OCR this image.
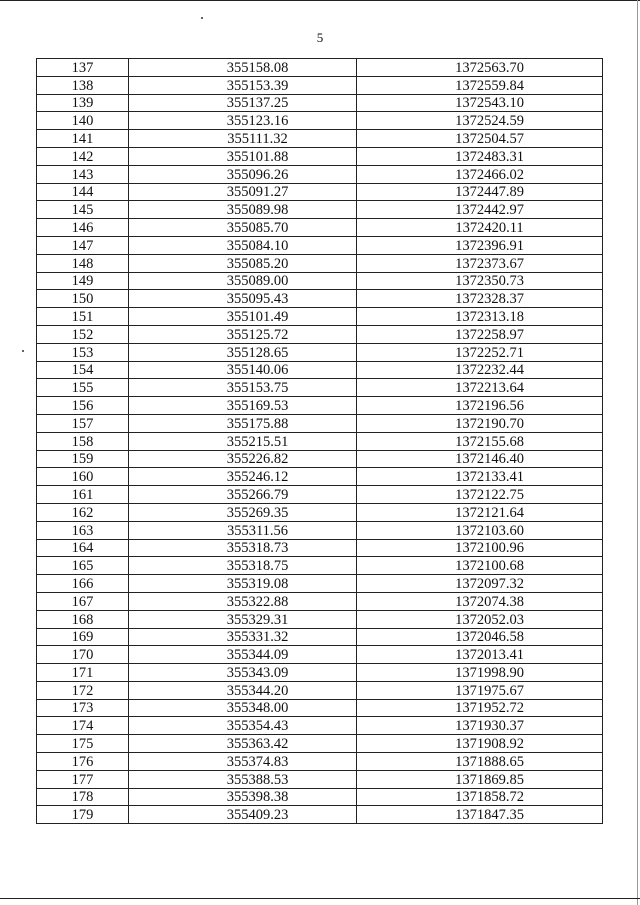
5
137	355158.08	1372563.70
138	355153.39	1372559.84
139	355137.25	1372543.10
140	355123.16	1372524.59
141	355111.32	1372504.57
142	355101.88	1372483.31
143	355096.26	1372466.02
144	355091.27	1372447.89
145	355089.98	1372442.97
146	355085.70	1372420.11
147	355084.10	1372396.91
148	355085.20	1372373.67
149	355089.00	1372350.73
150	355095.43	1372328.37
151	355101.49	1372313.18
152	355125.72	1372258.97
153	355128.65	1372252.71
154	355140.06	1372232.44
155	355153.75	1372213.64
156	355169.53	1372196.56
157	355175.88	1372190.70
158	355215.51	1372155.68
159	355226.82	1372146.40
160	355246.12	1372133.41
161	355266.79	1372122.75
162	355269.35	1372121.64
163	355311.56	1372103.60
164	355318.73	1372100.96
165	355318.75	1372100.68
166	355319.08	1372097.32
167	355322.88	1372074.38
168	355329.31	1372052.03
169	355331.32	1372046.58
170	355344.09	1372013.41
171	355343.09	1371998.90
172	355344.20	1371975.67
173	355348.00	1371952.72
174	355354.43	1371930.37
175	355363.42	1371908.92
176	355374.83	1371888.65
177	355388.53	1371869.85
178	355398.38	1371858.72
179	355409.23	1371847.35
